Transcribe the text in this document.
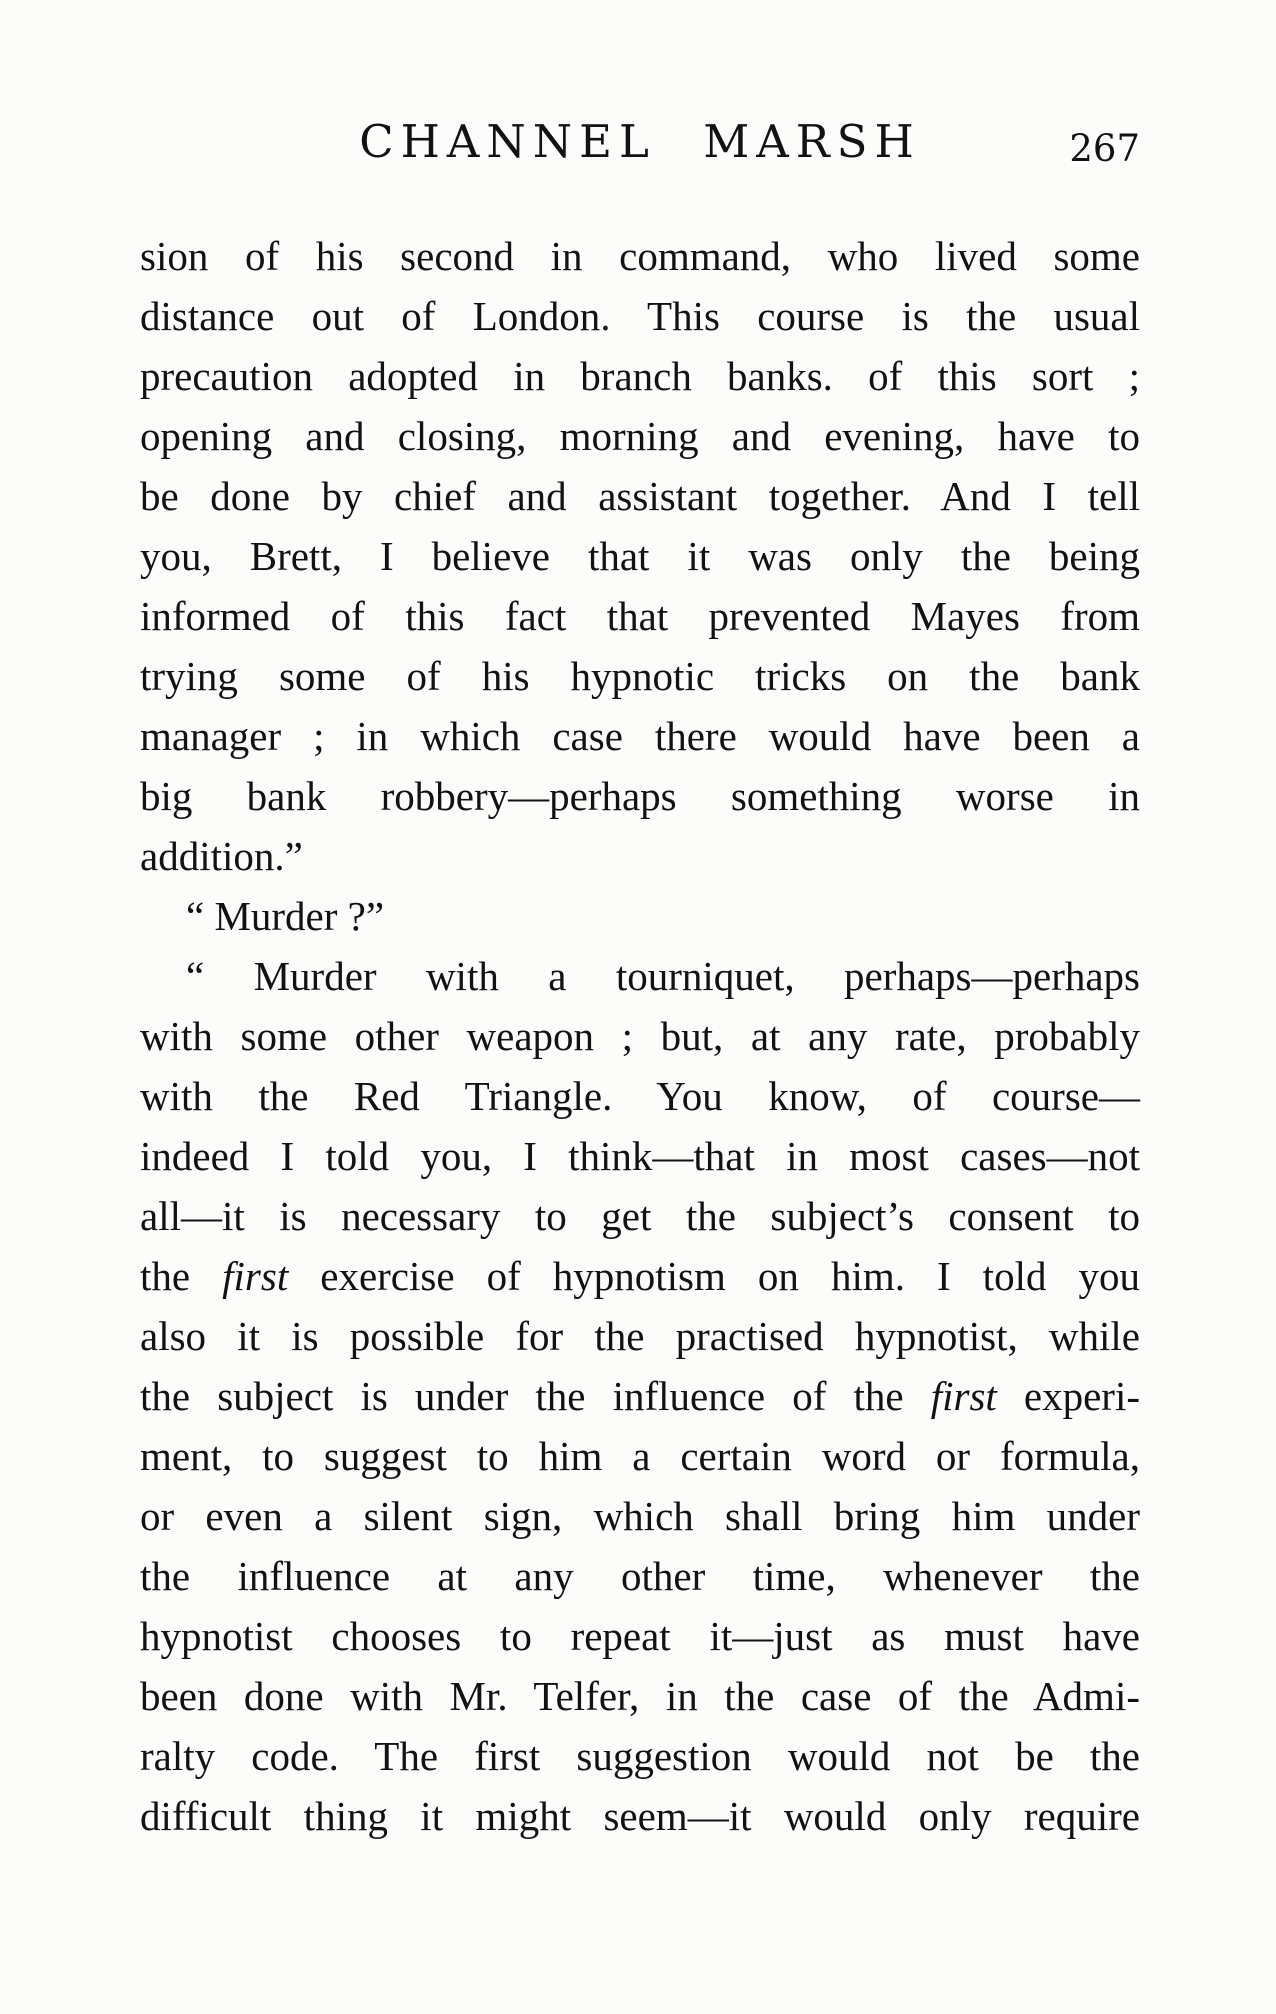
CHANNEL MARSH	267
sion of his second in command, who lived some
distance out of London. This course is the usual
precaution adopted in branch banks. of this sort ;
opening and closing, morning and evening, have to
be done by chief and assistant together. And I tell
you, Brett, I believe that it was only the being
informed of this fact that prevented Mayes from
trying some of his hypnotic tricks on the bank
manager ; in which case there would have been a
big bank robbery—perhaps something worse in
addition.”
“ Murder ?”
“ Murder with a tourniquet, perhaps—perhaps
with some other weapon ; but, at any rate, probably
with the Red Triangle. You know, of course—
indeed I told you, I think—that in most cases—not
all—it is necessary to get the subject’s consent to
the first exercise of hypnotism on him. I told you
also it is possible for the practised hypnotist, while
the subject is under the influence of the first experi-
ment, to suggest to him a certain word or formula,
or even a silent sign, which shall bring him under
the influence at any other time, whenever the
hypnotist chooses to repeat it—just as must have
been done with Mr. Telfer, in the case of the Admi-
ralty code. The first suggestion would not be the
difficult thing it might seem—it would only require
